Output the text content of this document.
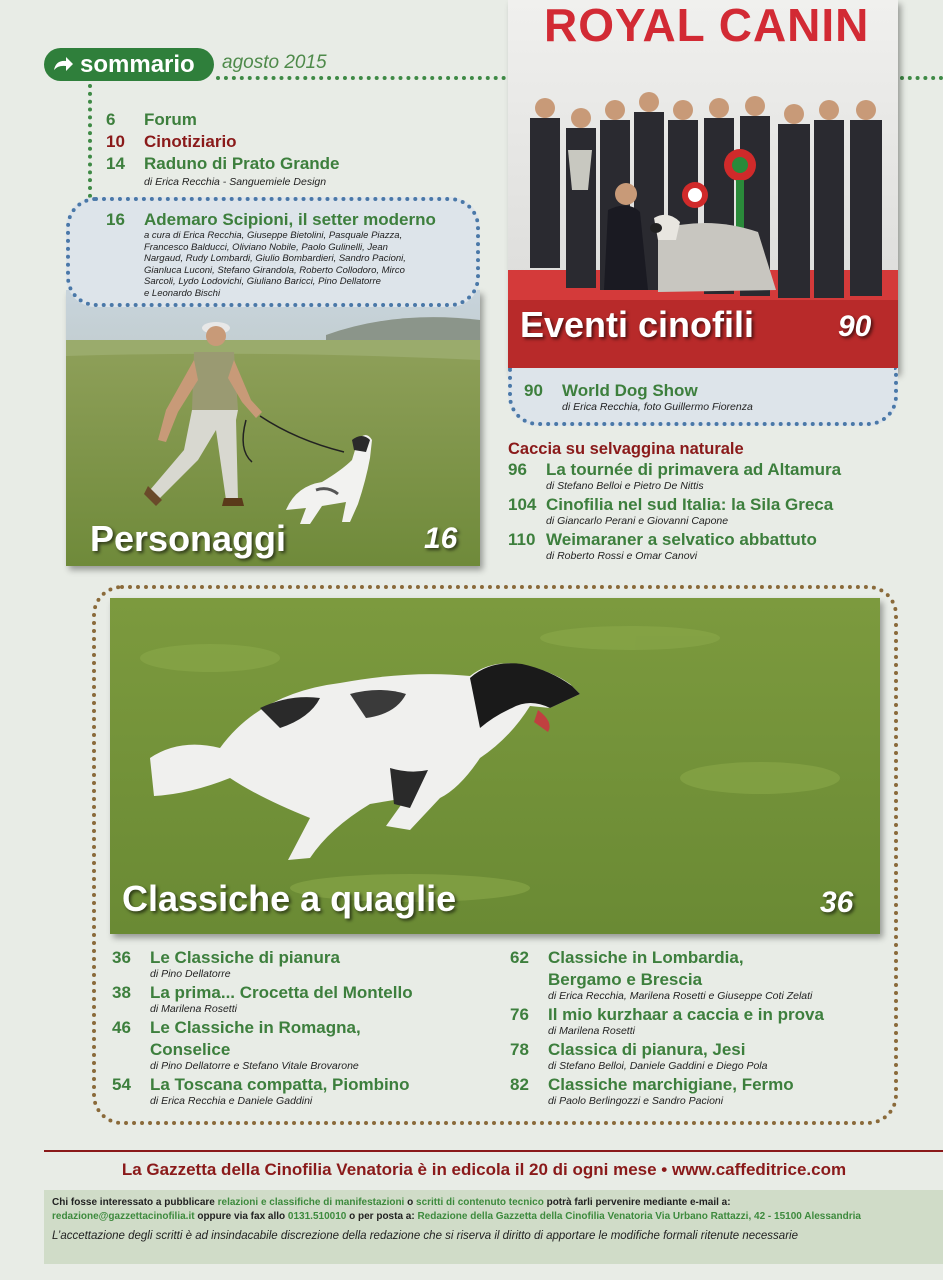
sommario agosto 2015
6	Forum
10	Cinotiziario
14	Raduno di Prato Grande
di Erica Recchia - Sanguemiele Design
Personaggi	16
16	Ademaro Scipioni, il setter moderno
a cura di Erica Recchia, Giuseppe Bietolini, Pasquale Piazza,
Francesco Balducci, Oliviano Nobile, Paolo Gulinelli, Jean
Nargaud, Rudy Lombardi, Giulio Bombardieri, Sandro Pacioni,
Gianluca Luconi, Stefano Girandola, Roberto Collodoro, Mirco
Sarcoli, Lydo Lodovichi, Giuliano Baricci, Pino Dellatorre
e Leonardo Bischi
ROYAL CANIN
Eventi cinofili	90
90	World Dog Show
di Erica Recchia, foto Guillermo Fiorenza
Caccia su selvaggina naturale
96	La tournée di primavera ad Altamura
di Stefano Belloi e Pietro De Nittis
104 Cinofilia nel sud Italia: la Sila Greca
di Giancarlo Perani e Giovanni Capone
110 Weimaraner a selvatico abbattuto
di Roberto Rossi e Omar Canovi
Classiche a quaglie	36
36	Le Classiche di pianura
di Pino Dellatorre
38	La prima... Crocetta del Montello
di Marilena Rosetti
46	Le Classiche in Romagna,
Conselice
di Pino Dellatorre e Stefano Vitale Brovarone
54	La Toscana compatta, Piombino
di Erica Recchia e Daniele Gaddini
62	Classiche in Lombardia,
Bergamo e Brescia
di Erica Recchia, Marilena Rosetti e Giuseppe Coti Zelati
76	Il mio kurzhaar a caccia e in prova
di Marilena Rosetti
78	Classica di pianura, Jesi
di Stefano Belloi, Daniele Gaddini e Diego Pola
82	Classiche marchigiane, Fermo
di Paolo Berlingozzi e Sandro Pacioni
La Gazzetta della Cinofilia Venatoria è in edicola il 20 di ogni mese • www.caffeditrice.com
Chi fosse interessato a pubblicare relazioni e classifiche di manifestazioni o scritti di contenuto tecnico potrà farli pervenire mediante e-mail a:
redazione@gazzettacinofilia.it oppure via fax allo 0131.510010 o per posta a: Redazione della Gazzetta della Cinofilia Venatoria Via Urbano Rattazzi, 42 - 15100 Alessandria
L’accettazione degli scritti è ad insindacabile discrezione della redazione che si riserva il diritto di apportare le modifiche formali ritenute necessarie
